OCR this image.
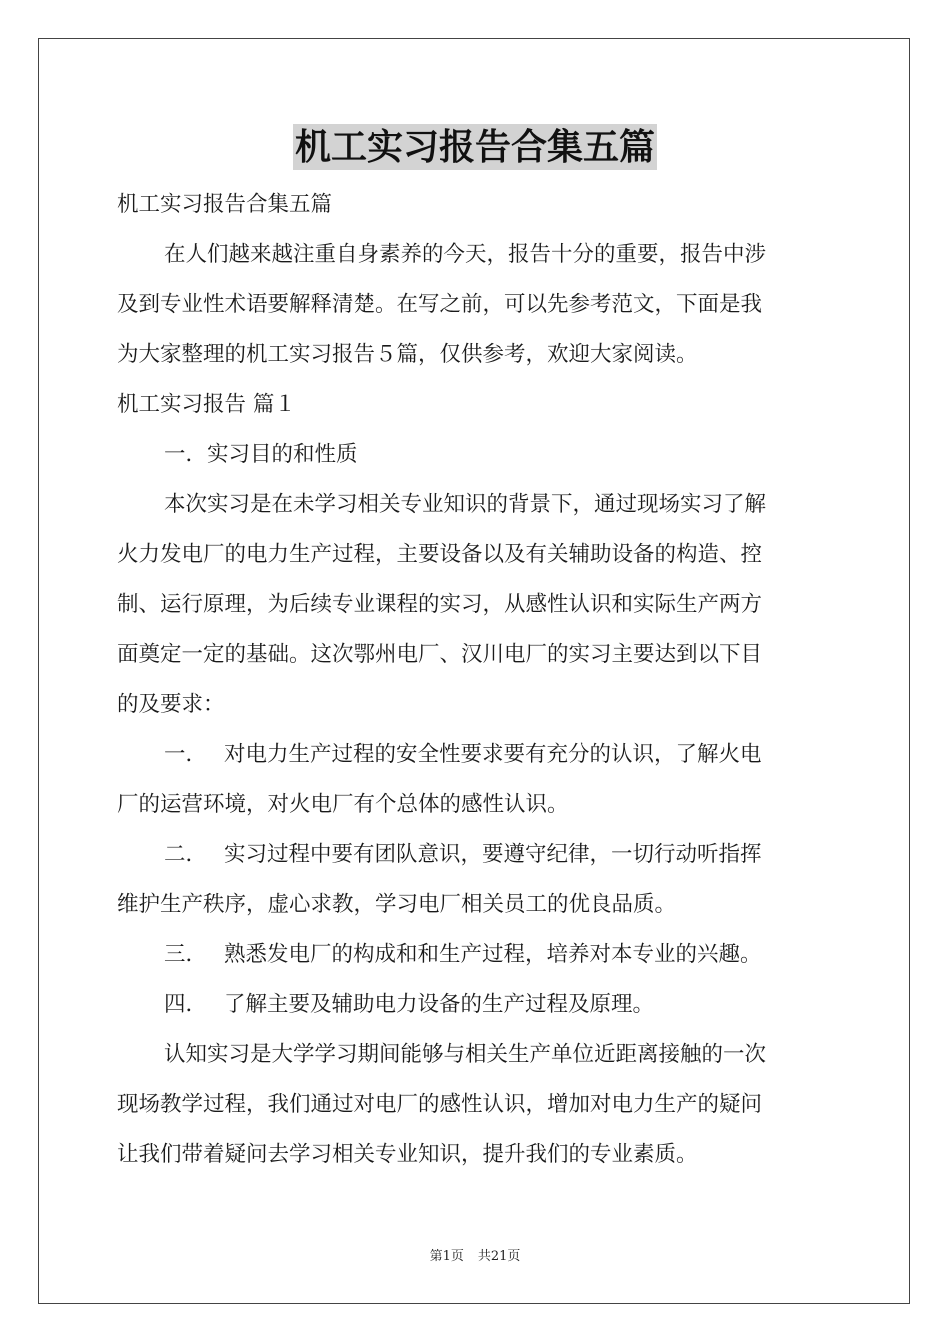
机工实习报告合集五篇
机工实习报告合集五篇
在人们越来越注重自身素养的今天，报告十分的重要，报告中涉
及到专业性术语要解释清楚。在写之前，可以先参考范文，下面是我
为大家整理的机工实习报告５篇，仅供参考，欢迎大家阅读。
机工实习报告 篇１
一．实习目的和性质
本次实习是在未学习相关专业知识的背景下，通过现场实习了解
火力发电厂的电力生产过程，主要设备以及有关辅助设备的构造、控
制、运行原理，为后续专业课程的实习，从感性认识和实际生产两方
面奠定一定的基础。这次鄂州电厂、汉川电厂的实习主要达到以下目
的及要求：
一． 对电力生产过程的安全性要求要有充分的认识，了解火电
厂的运营环境，对火电厂有个总体的感性认识。
二． 实习过程中要有团队意识，要遵守纪律，一切行动听指挥
维护生产秩序，虚心求教，学习电厂相关员工的优良品质。
三． 熟悉发电厂的构成和和生产过程，培养对本专业的兴趣。
四． 了解主要及辅助电力设备的生产过程及原理。
认知实习是大学学习期间能够与相关生产单位近距离接触的一次
现场教学过程，我们通过对电厂的感性认识，增加对电力生产的疑问
让我们带着疑问去学习相关专业知识，提升我们的专业素质。
第1页 共21页
